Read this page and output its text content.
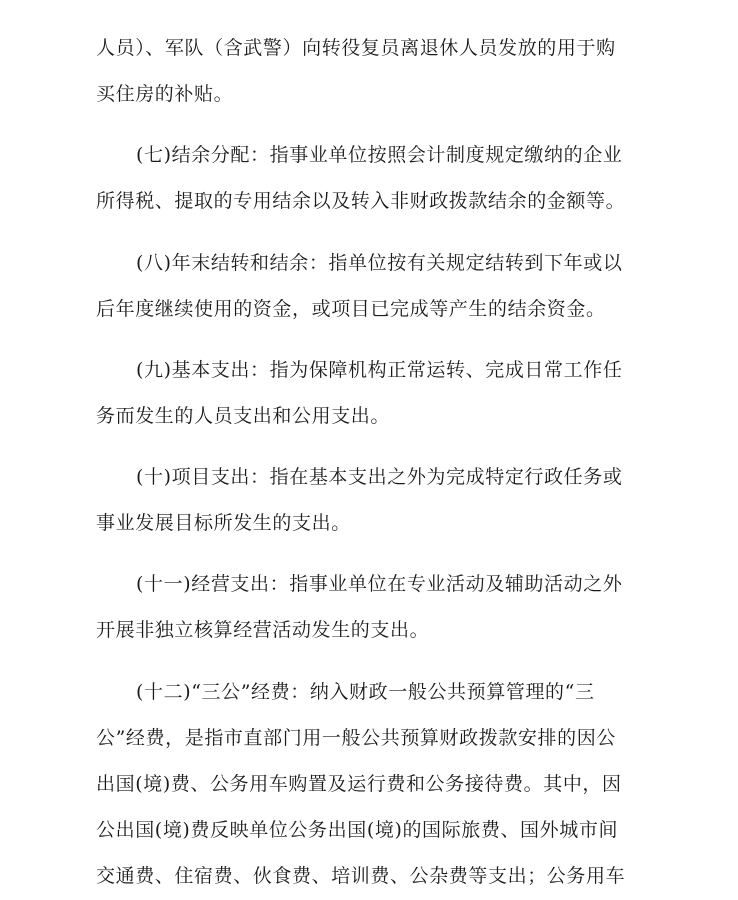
人员）、军队（含武警）向转役复员离退休人员发放的用于购
买住房的补贴。
(七)结余分配：指事业单位按照会计制度规定缴纳的企业
所得税、提取的专用结余以及转入非财政拨款结余的金额等。
(八)年末结转和结余：指单位按有关规定结转到下年或以
后年度继续使用的资金，或项目已完成等产生的结余资金。
(九)基本支出：指为保障机构正常运转、完成日常工作任
务而发生的人员支出和公用支出。
(十)项目支出：指在基本支出之外为完成特定行政任务或
事业发展目标所发生的支出。
(十一)经营支出：指事业单位在专业活动及辅助活动之外
开展非独立核算经营活动发生的支出。
(十二)“三公”经费：纳入财政一般公共预算管理的“三
公”经费，是指市直部门用一般公共预算财政拨款安排的因公
出国(境)费、公务用车购置及运行费和公务接待费。其中，因
公出国(境)费反映单位公务出国(境)的国际旅费、国外城市间
交通费、住宿费、伙食费、培训费、公杂费等支出；公务用车
